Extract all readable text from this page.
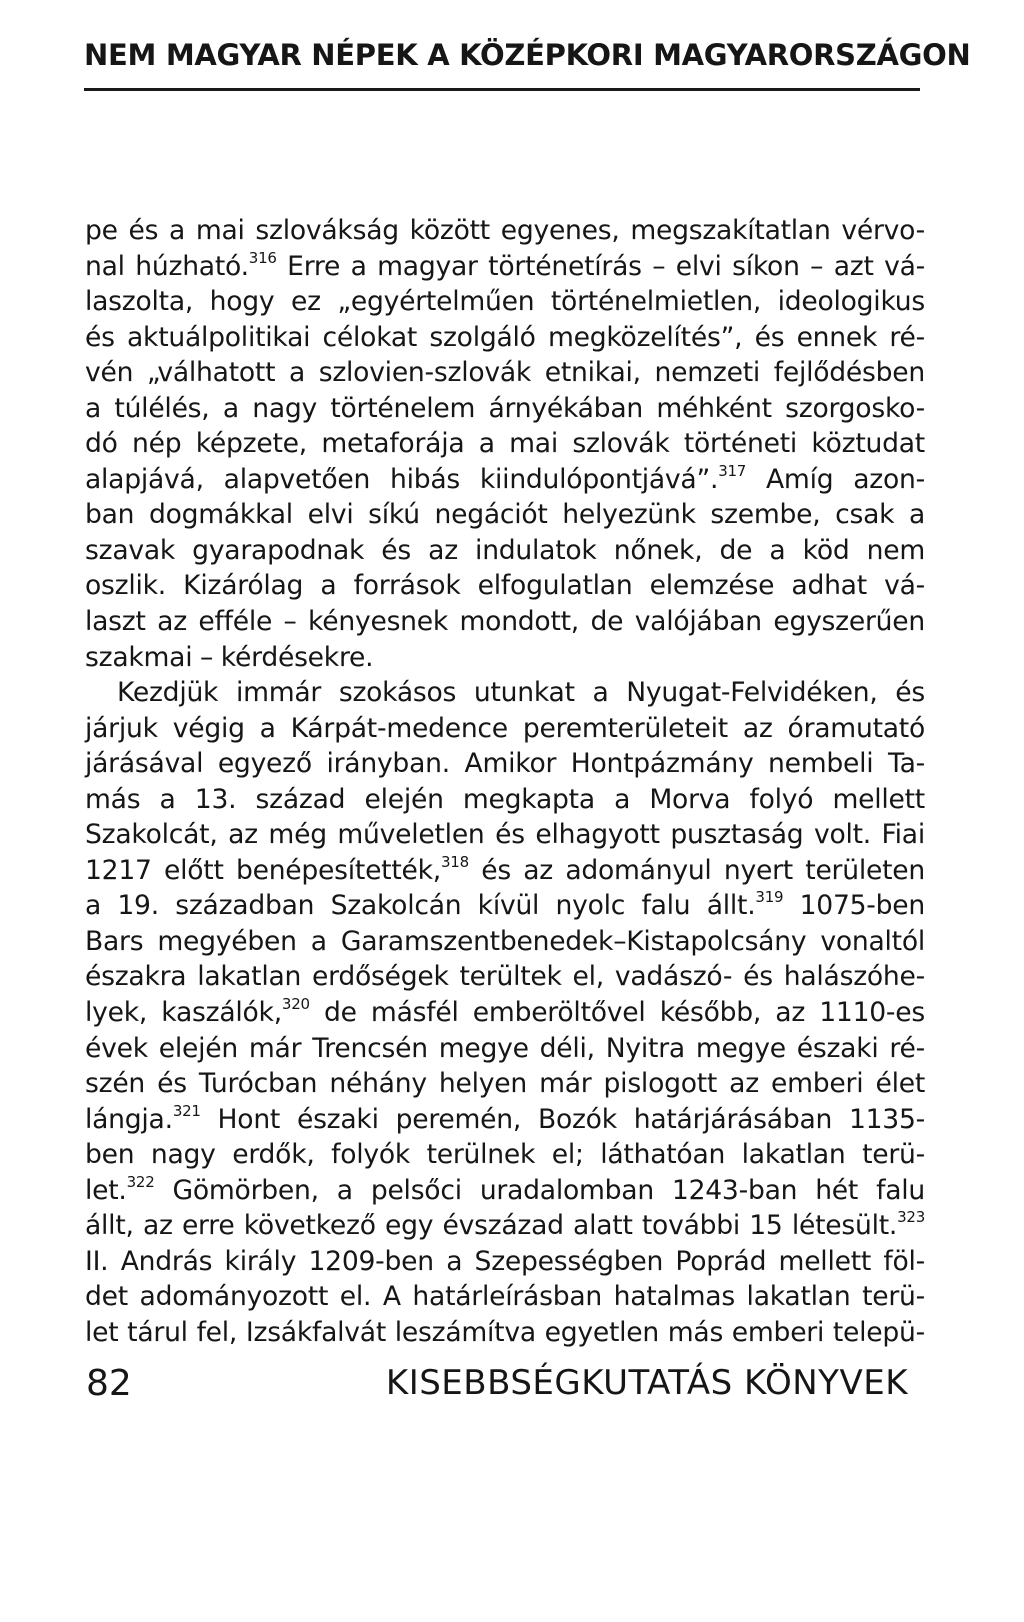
NEM MAGYAR NÉPEK A KÖZÉPKORI MAGYARORSZÁGON
pe és a mai szlovákság között egyenes, megszakítatlan vérvo-
nal húzható.$^{316}$ Erre a magyar történetírás – elvi síkon – azt vá-
laszolta, hogy ez „egyértelműen történelmietlen, ideologikus
és aktuálpolitikai célokat szolgáló megközelítés”, és ennek ré-
vén „válhatott a szlovien-szlovák etnikai, nemzeti fejlődésben
a túlélés, a nagy történelem árnyékában méhként szorgosko-
dó nép képzete, metaforája a mai szlovák történeti köztudat
alapjává, alapvetően hibás kiindulópontjává”.$^{317}$ Amíg azon-
ban dogmákkal elvi síkú negációt helyezünk szembe, csak a
szavak gyarapodnak és az indulatok nőnek, de a köd nem
oszlik. Kizárólag a források elfogulatlan elemzése adhat vá-
laszt az efféle – kényesnek mondott, de valójában egyszerűen
szakmai – kérdésekre.
Kezdjük immár szokásos utunkat a Nyugat-Felvidéken, és
járjuk végig a Kárpát-medence peremterületeit az óramutató
járásával egyező irányban. Amikor Hontpázmány nembeli Ta-
más a 13. század elején megkapta a Morva folyó mellett
Szakolcát, az még műveletlen és elhagyott pusztaság volt. Fiai
1217 előtt benépesítették,$^{318}$ és az adományul nyert területen
a 19. században Szakolcán kívül nyolc falu állt.$^{319}$ 1075-ben
Bars megyében a Garamszentbenedek–Kistapolcsány vonaltól
északra lakatlan erdőségek terültek el, vadászó- és halászóhe-
lyek, kaszálók,$^{320}$ de másfél emberöltővel később, az 1110-es
évek elején már Trencsén megye déli, Nyitra megye északi ré-
szén és Turócban néhány helyen már pislogott az emberi élet
lángja.$^{321}$ Hont északi peremén, Bozók határjárásában 1135-
ben nagy erdők, folyók terülnek el; láthatóan lakatlan terü-
let.$^{322}$ Gömörben, a pelsőci uradalomban 1243-ban hét falu
állt, az erre következő egy évszázad alatt további 15 létesült.$^{323}$
II. András király 1209-ben a Szepességben Poprád mellett föl-
det adományozott el. A határleírásban hatalmas lakatlan terü-
let tárul fel, Izsákfalvát leszámítva egyetlen más emberi telepü-
82	KISEBBSÉGKUTATÁS KÖNYVEK
